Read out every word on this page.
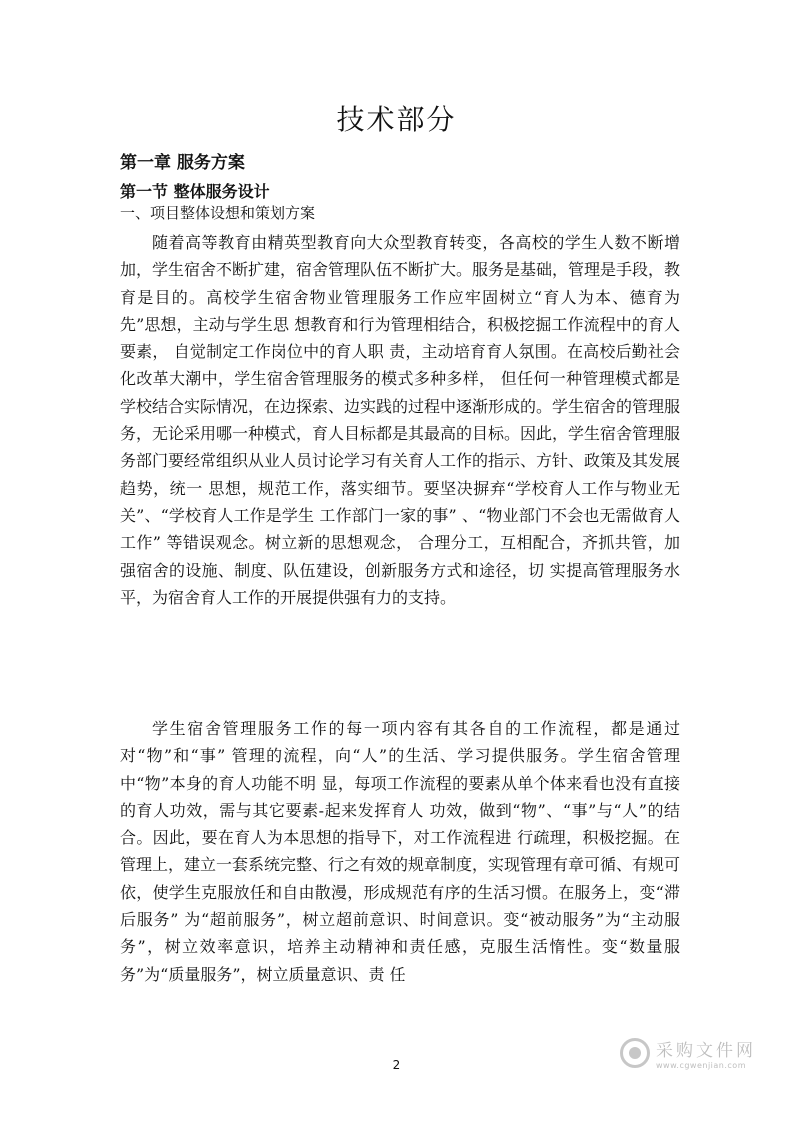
技术部分
第一章 服务方案
第一节 整体服务设计
一、项目整体设想和策划方案

随着高等教育由精英型教育向大众型教育转变，各高校的学生人数不断增加，学生宿舍不断扩建，宿舍管理队伍不断扩大。服务是基础，管理是手段，教育是目的。高校学生宿舍物业管理服务工作应牢固树立“育人为本、德育为先”思想，主动与学生思 想教育和行为管理相结合，积极挖掘工作流程中的育人要素， 自觉制定工作岗位中的育人职 责，主动培育育人氛围。在高校后勤社会化改革大潮中，学生宿舍管理服务的模式多种多样， 但任何一种管理模式都是学校结合实际情况，在边探索、边实践的过程中逐渐形成的。学生宿舍的管理服务，无论采用哪一种模式，育人目标都是其最高的目标。因此，学生宿舍管理服 务部门要经常组织从业人员讨论学习有关育人工作的指示、方针、政策及其发展趋势，统一 思想，规范工作，落实细节。要坚决摒弃“学校育人工作与物业无关”、“学校育人工作是学生 工作部门一家的事” 、“物业部门不会也无需做育人工作” 等错误观念。树立新的思想观念， 合理分工，互相配合，齐抓共管，加强宿舍的设施、制度、队伍建设，创新服务方式和途径，切 实提高管理服务水平，为宿舍育人工作的开展提供强有力的支持。

学生宿舍管理服务工作的每一项内容有其各自的工作流程，都是通过对“物”和“事” 管理的流程，向“人”的生活、学习提供服务。学生宿舍管理中“物”本身的育人功能不明 显，每项工作流程的要素从单个体来看也没有直接的育人功效，需与其它要素-起来发挥育人 功效，做到“物”、“事”与“人”的结合。因此，要在育人为本思想的指导下，对工作流程进 行疏理，积极挖掘。在管理上，建立一套系统完整、行之有效的规章制度，实现管理有章可循、有规可依，使学生克服放任和自由散漫，形成规范有序的生活习惯。在服务上，变“滞后服务” 为“超前服务”，树立超前意识、时间意识。变“被动服务”为“主动服务”，树立效率意识，培养主动精神和责任感，克服生活惰性。变“数量服务”为“质量服务”，树立质量意识、责 任

2
采购文件网
www.cgwenjian.com
